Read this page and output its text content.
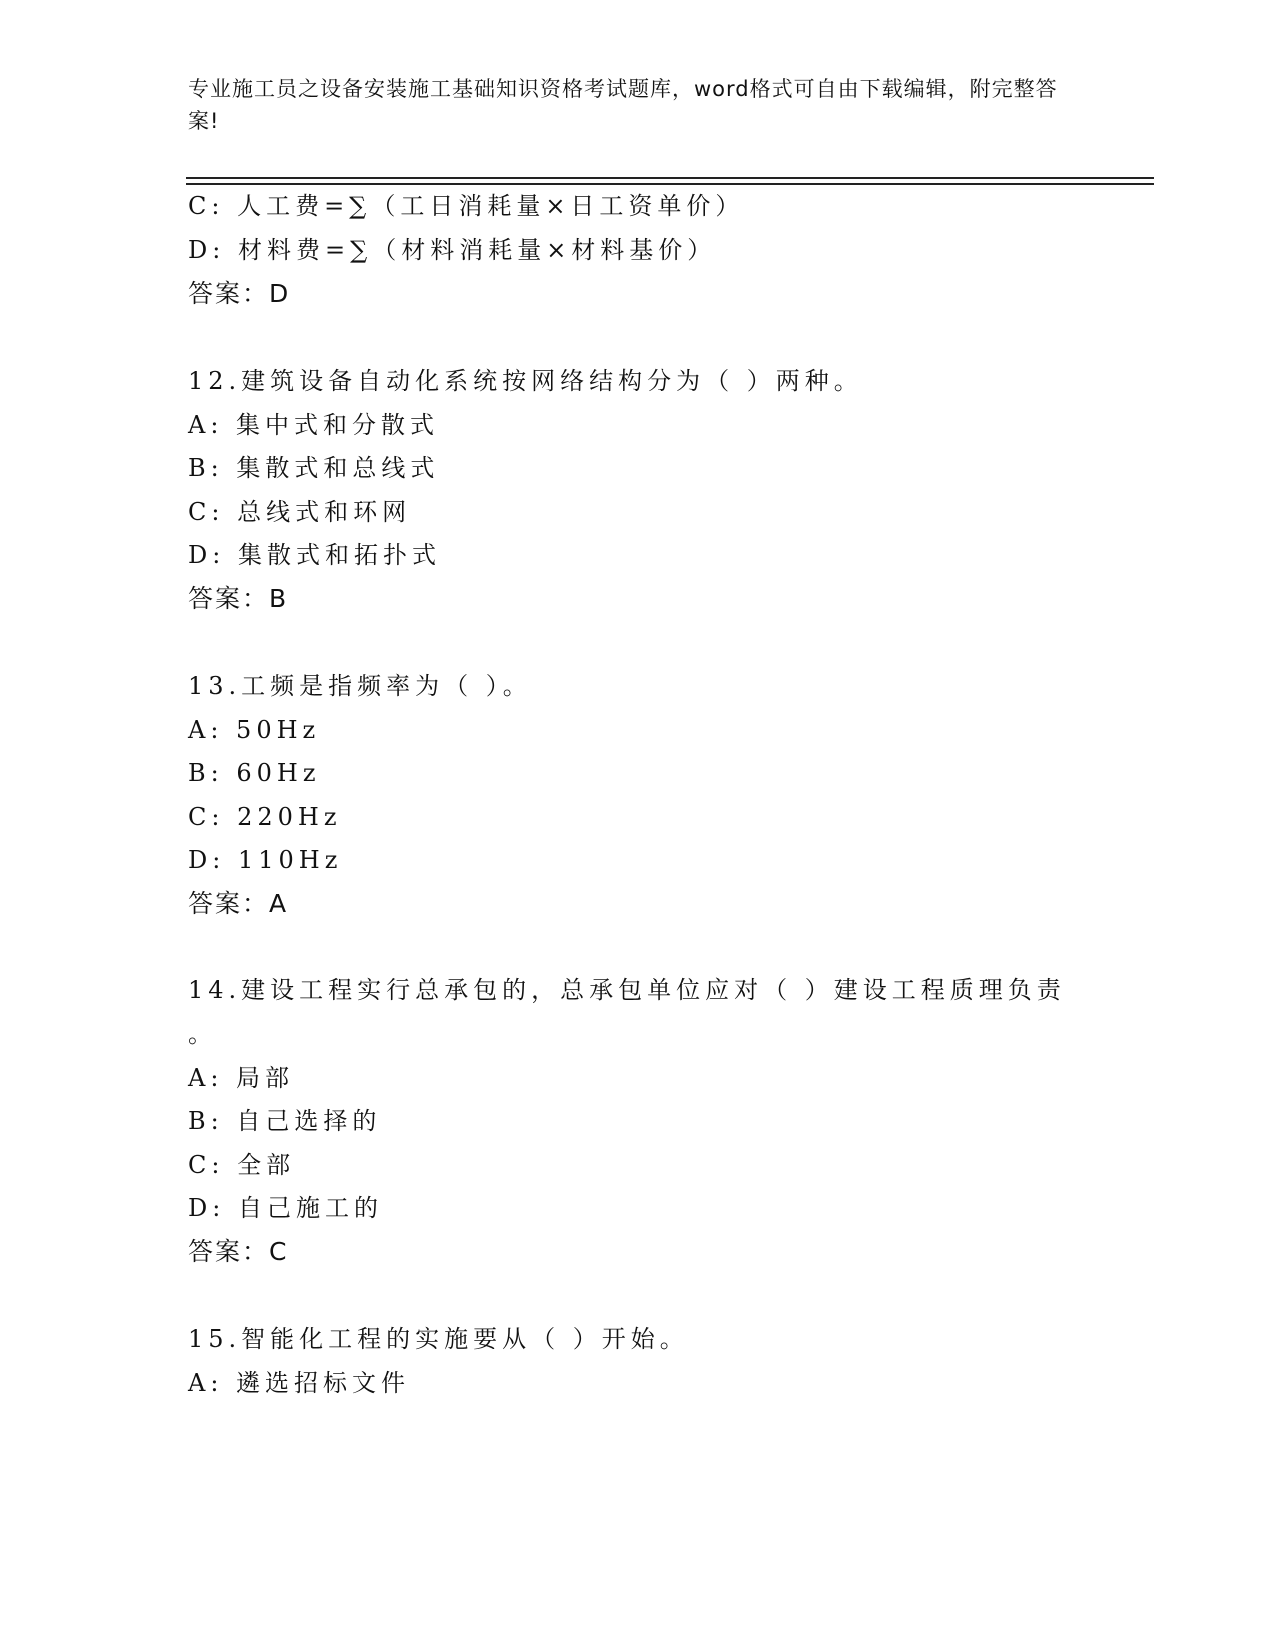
专业施工员之设备安装施工基础知识资格考试题库，word格式可自由下载编辑，附完整答案!
C: 人工费=∑（工日消耗量×日工资单价）
D: 材料费=∑（材料消耗量×材料基价）
答案：D
12.建筑设备自动化系统按网络结构分为（ ）两种。
A: 集中式和分散式
B: 集散式和总线式
C: 总线式和环网
D: 集散式和拓扑式
答案：B
13.工频是指频率为（ ）。
A: 50Hz
B: 60Hz
C: 220Hz
D: 110Hz
答案：A
14.建设工程实行总承包的，总承包单位应对（ ）建设工程质理负责
。
A: 局部
B: 自己选择的
C: 全部
D: 自己施工的
答案：C
15.智能化工程的实施要从（ ）开始。
A: 遴选招标文件
